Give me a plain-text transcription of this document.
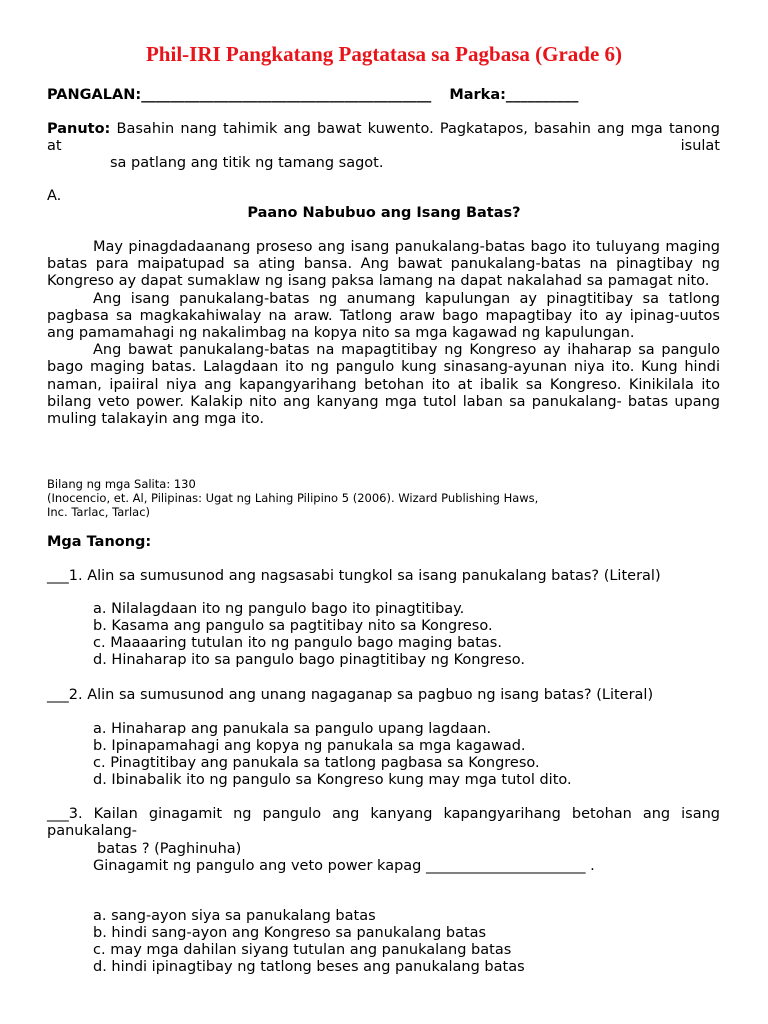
Phil-IRI Pangkatang Pagtatasa sa Pagbasa (Grade 6)
PANGALAN:________________________________________ Marka:__________
Panuto: Basahin nang tahimik ang bawat kuwento. Pagkatapos, basahin ang mga tanong at isulat
sa patlang ang titik ng tamang sagot.
A.
Paano Nabubuo ang Isang Batas?

May pinagdadaanang proseso ang isang panukalang-batas bago ito tuluyang maging batas para maipatupad sa ating bansa. Ang bawat panukalang-batas na pinagtibay ng Kongreso ay dapat sumaklaw ng isang paksa lamang na dapat nakalahad sa pamagat nito.

Ang isang panukalang-batas ng anumang kapulungan ay pinagtitibay sa tatlong pagbasa sa magkakahiwalay na araw. Tatlong araw bago mapagtibay ito ay ipinag-uutos ang pamamahagi ng nakalimbag na kopya nito sa mga kagawad ng kapulungan.

Ang bawat panukalang-batas na mapagtitibay ng Kongreso ay ihaharap sa pangulo bago maging batas. Lalagdaan ito ng pangulo kung sinasang-ayunan niya ito. Kung hindi naman, ipaiiral niya ang kapangyarihang betohan ito at ibalik sa Kongreso. Kinikilala ito bilang veto power. Kalakip nito ang kanyang mga tutol laban sa panukalang- batas upang muling talakayin ang mga ito.

Bilang ng mga Salita: 130
(Inocencio, et. Al, Pilipinas: Ugat ng Lahing Pilipino 5 (2006). Wizard Publishing Haws,
Inc. Tarlac, Tarlac)
Mga Tanong:
___1. Alin sa sumusunod ang nagsasabi tungkol sa isang panukalang batas? (Literal)
a. Nilalagdaan ito ng pangulo bago ito pinagtitibay.
b. Kasama ang pangulo sa pagtitibay nito sa Kongreso.
c. Maaaaring tutulan ito ng pangulo bago maging batas.
d. Hinaharap ito sa pangulo bago pinagtitibay ng Kongreso.
___2. Alin sa sumusunod ang unang nagaganap sa pagbuo ng isang batas? (Literal)
a. Hinaharap ang panukala sa pangulo upang lagdaan.
b. Ipinapamahagi ang kopya ng panukala sa mga kagawad.
c. Pinagtitibay ang panukala sa tatlong pagbasa sa Kongreso.
d. Ibinabalik ito ng pangulo sa Kongreso kung may mga tutol dito.
___3. Kailan ginagamit ng pangulo ang kanyang kapangyarihang betohan ang isang panukalang-
batas ? (Paghinuha)
Ginagamit ng pangulo ang veto power kapag ______________________ .
a. sang-ayon siya sa panukalang batas
b. hindi sang-ayon ang Kongreso sa panukalang batas
c. may mga dahilan siyang tutulan ang panukalang batas
d. hindi ipinagtibay ng tatlong beses ang panukalang batas
